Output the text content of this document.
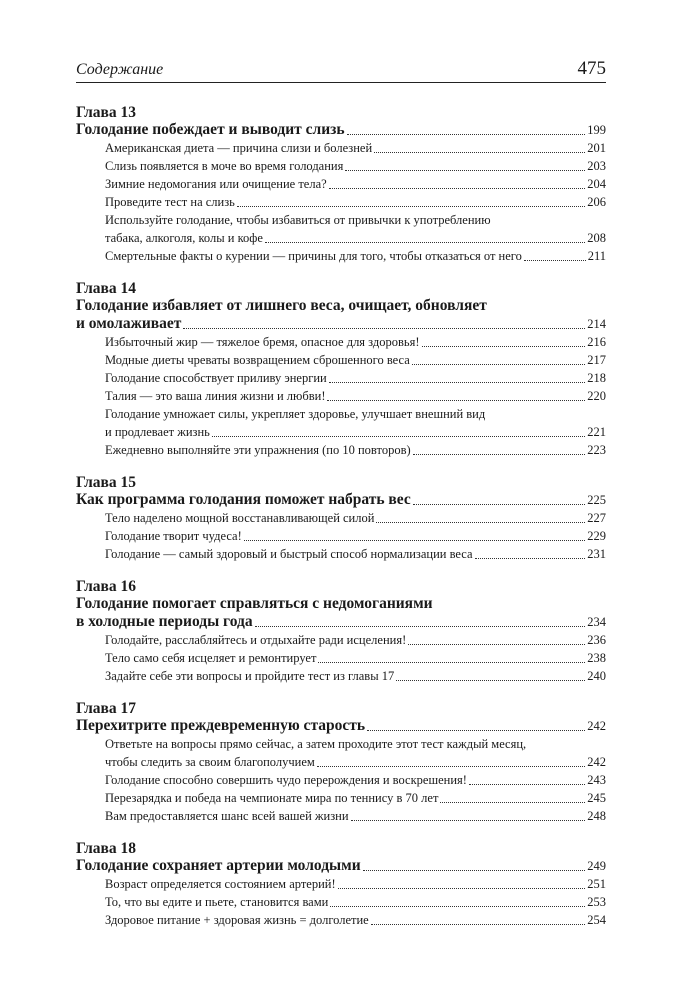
Содержание	475
Глава 13
Голодание побеждает и выводит слизь	199
Американская диета — причина слизи и болезней	201
Слизь появляется в моче во время голодания	203
Зимние недомогания или очищение тела?	204
Проведите тест на слизь	206
Используйте голодание, чтобы избавиться от привычки к употреблению
табака, алкоголя, колы и кофе	208
Смертельные факты о курении — причины для того, чтобы отказаться от него	211
Глава 14
Голодание избавляет от лишнего веса, очищает, обновляет
и омолаживает	214
Избыточный жир — тяжелое бремя, опасное для здоровья!	216
Модные диеты чреваты возвращением сброшенного веса	217
Голодание способствует приливу энергии	218
Талия — это ваша линия жизни и любви!	220
Голодание умножает силы, укрепляет здоровье, улучшает внешний вид
и продлевает жизнь	221
Ежедневно выполняйте эти упражнения (по 10 повторов)	223
Глава 15
Как программа голодания поможет набрать вес	225
Тело наделено мощной восстанавливающей силой	227
Голодание творит чудеса!	229
Голодание — самый здоровый и быстрый способ нормализации веса	231
Глава 16
Голодание помогает справляться с недомоганиями
в холодные периоды года	234
Голодайте, расслабляйтесь и отдыхайте ради исцеления!	236
Тело само себя исцеляет и ремонтирует	238
Задайте себе эти вопросы и пройдите тест из главы 17	240
Глава 17
Перехитрите преждевременную старость	242
Ответьте на вопросы прямо сейчас, а затем проходите этот тест каждый месяц,
чтобы следить за своим благополучием	242
Голодание способно совершить чудо перерождения и воскрешения!	243
Перезарядка и победа на чемпионате мира по теннису в 70 лет	245
Вам предоставляется шанс всей вашей жизни	248
Глава 18
Голодание сохраняет артерии молодыми	249
Возраст определяется состоянием артерий!	251
То, что вы едите и пьете, становится вами	253
Здоровое питание + здоровая жизнь = долголетие	254
